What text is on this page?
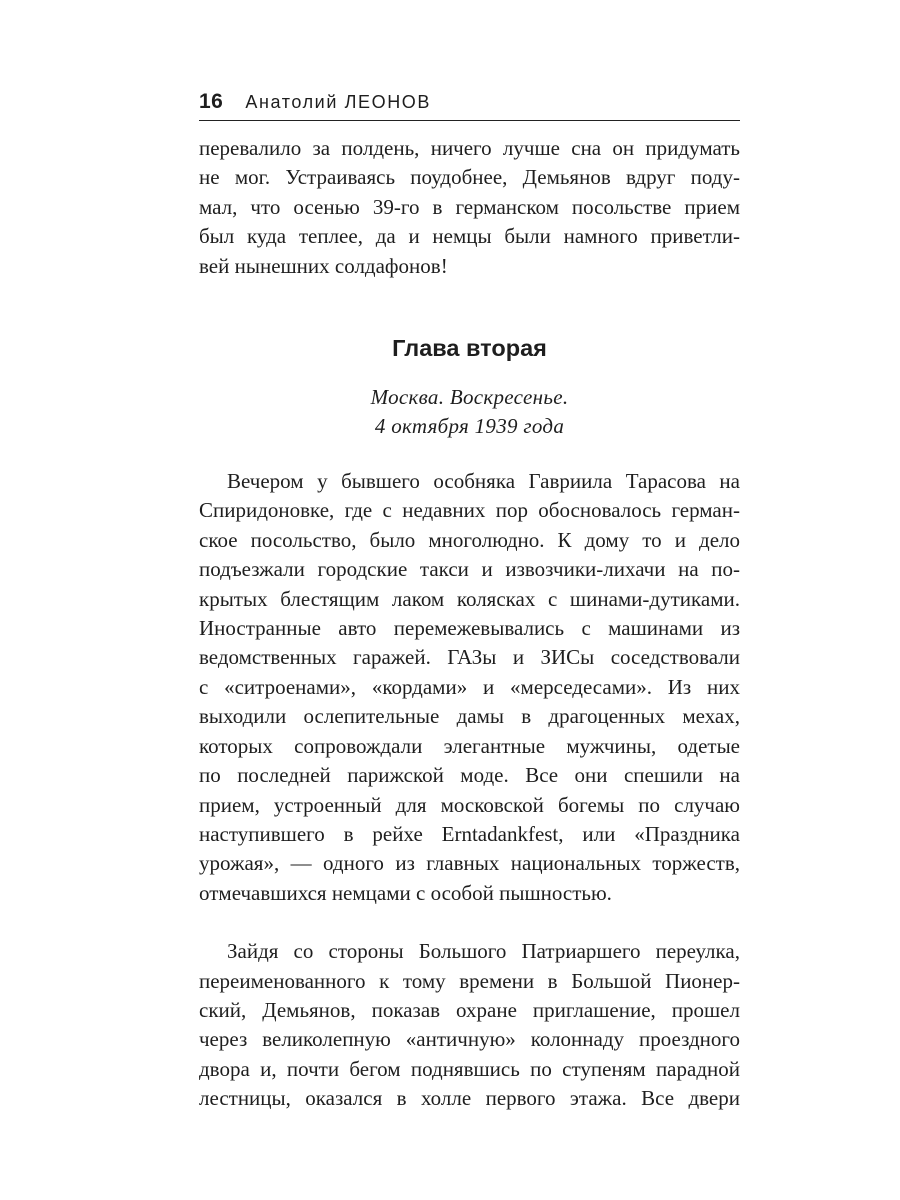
16 Анатолий ЛЕОНОВ

перевалило за полдень, ничего лучше сна он придумать
не мог. Устраиваясь поудобнее, Демьянов вдруг поду-
мал, что осенью 39-го в германском посольстве прием
был куда теплее, да и немцы были намного приветли-
вей нынешних солдафонов!

Глава вторая
Москва. Воскресенье.
4 октября 1939 года

Вечером у бывшего особняка Гавриила Тарасова на
Спиридоновке, где с недавних пор обосновалось герман-
ское посольство, было многолюдно. К дому то и дело
подъезжали городские такси и извозчики-лихачи на по-
крытых блестящим лаком колясках с шинами-дутиками.
Иностранные авто перемежевывались с машинами из
ведомственных гаражей. ГАЗы и ЗИСы соседствовали
с «ситроенами», «кордами» и «мерседесами». Из них
выходили ослепительные дамы в драгоценных мехах,
которых сопровождали элегантные мужчины, одетые
по последней парижской моде. Все они спешили на
прием, устроенный для московской богемы по случаю
наступившего в рейхе Erntadankfest, или «Праздника
урожая», — одного из главных национальных торжеств,
отмечавшихся немцами с особой пышностью.

Зайдя со стороны Большого Патриаршего переулка,
переименованного к тому времени в Большой Пионер-
ский, Демьянов, показав охране приглашение, прошел
через великолепную «античную» колоннаду проездного
двора и, почти бегом поднявшись по ступеням парадной
лестницы, оказался в холле первого этажа. Все двери
